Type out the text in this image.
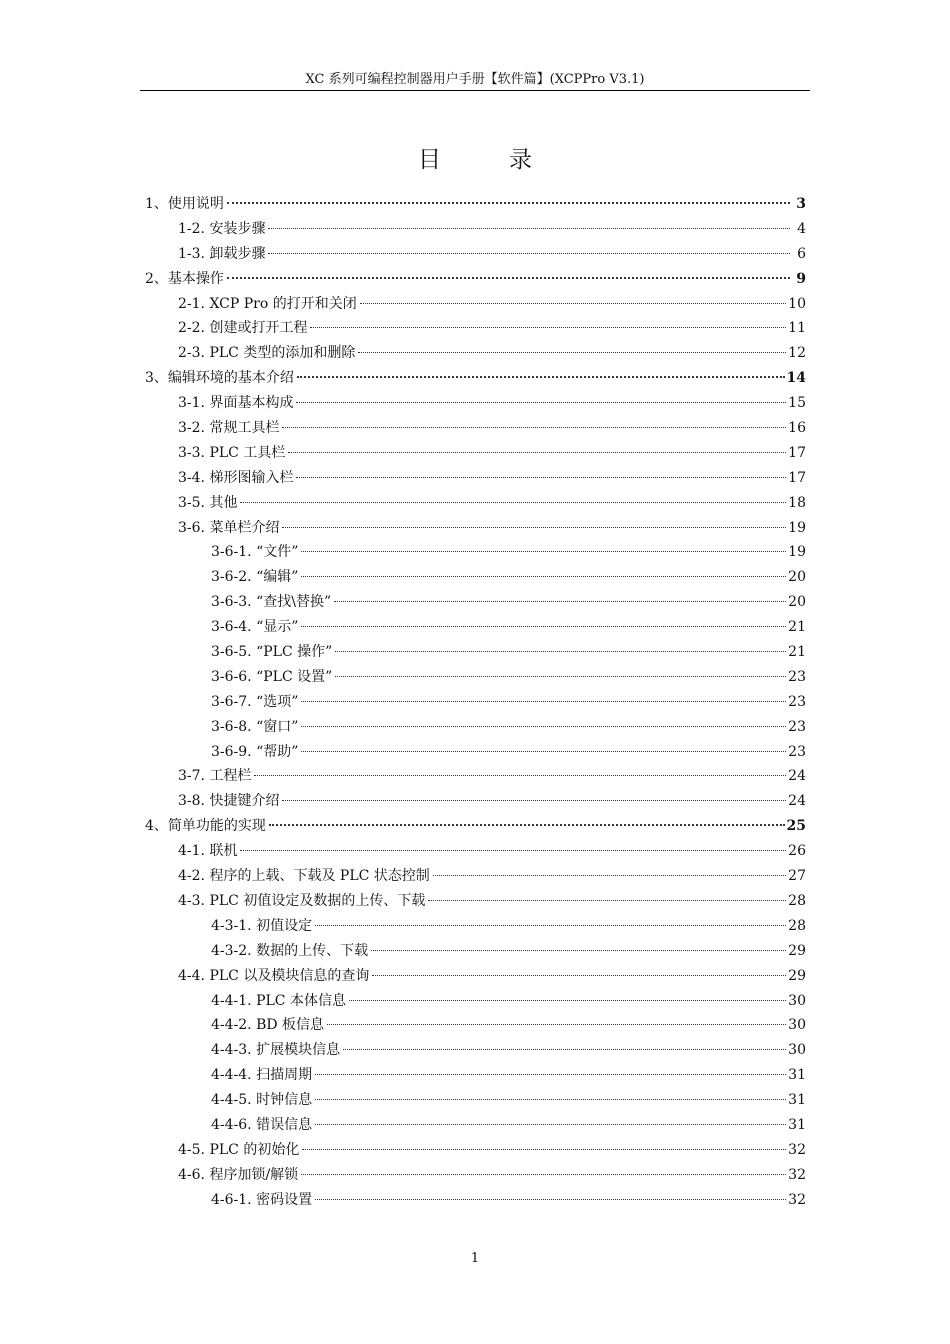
XC 系列可编程控制器用户手册【软件篇】(XCPPro V3.1)
目录
1、使用说明	3
1-2. 安装步骤	4
1-3. 卸载步骤	6
2、基本操作	9
2-1. XCP Pro 的打开和关闭	10
2-2. 创建或打开工程	11
2-3. PLC 类型的添加和删除	12
3、编辑环境的基本介绍	14
3-1. 界面基本构成	15
3-2. 常规工具栏	16
3-3. PLC 工具栏	17
3-4. 梯形图输入栏	17
3-5. 其他	18
3-6. 菜单栏介绍	19
3-6-1. “文件”	19
3-6-2. “编辑”	20
3-6-3. “查找\替换”	20
3-6-4. “显示”	21
3-6-5. “PLC 操作”	21
3-6-6. “PLC 设置”	23
3-6-7. “选项”	23
3-6-8. “窗口”	23
3-6-9. “帮助”	23
3-7. 工程栏	24
3-8. 快捷键介绍	24
4、简单功能的实现	25
4-1. 联机	26
4-2. 程序的上载、下载及 PLC 状态控制	27
4-3. PLC 初值设定及数据的上传、下载	28
4-3-1. 初值设定	28
4-3-2. 数据的上传、下载	29
4-4. PLC 以及模块信息的查询	29
4-4-1. PLC 本体信息	30
4-4-2. BD 板信息	30
4-4-3. 扩展模块信息	30
4-4-4. 扫描周期	31
4-4-5. 时钟信息	31
4-4-6. 错误信息	31
4-5. PLC 的初始化	32
4-6. 程序加锁/解锁	32
4-6-1. 密码设置	32
1
